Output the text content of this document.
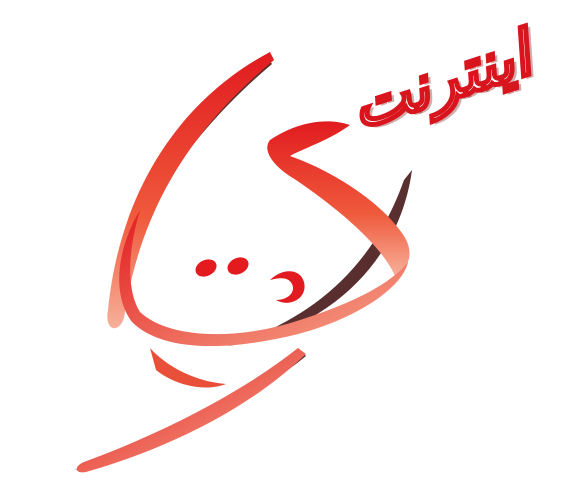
اینترنت
